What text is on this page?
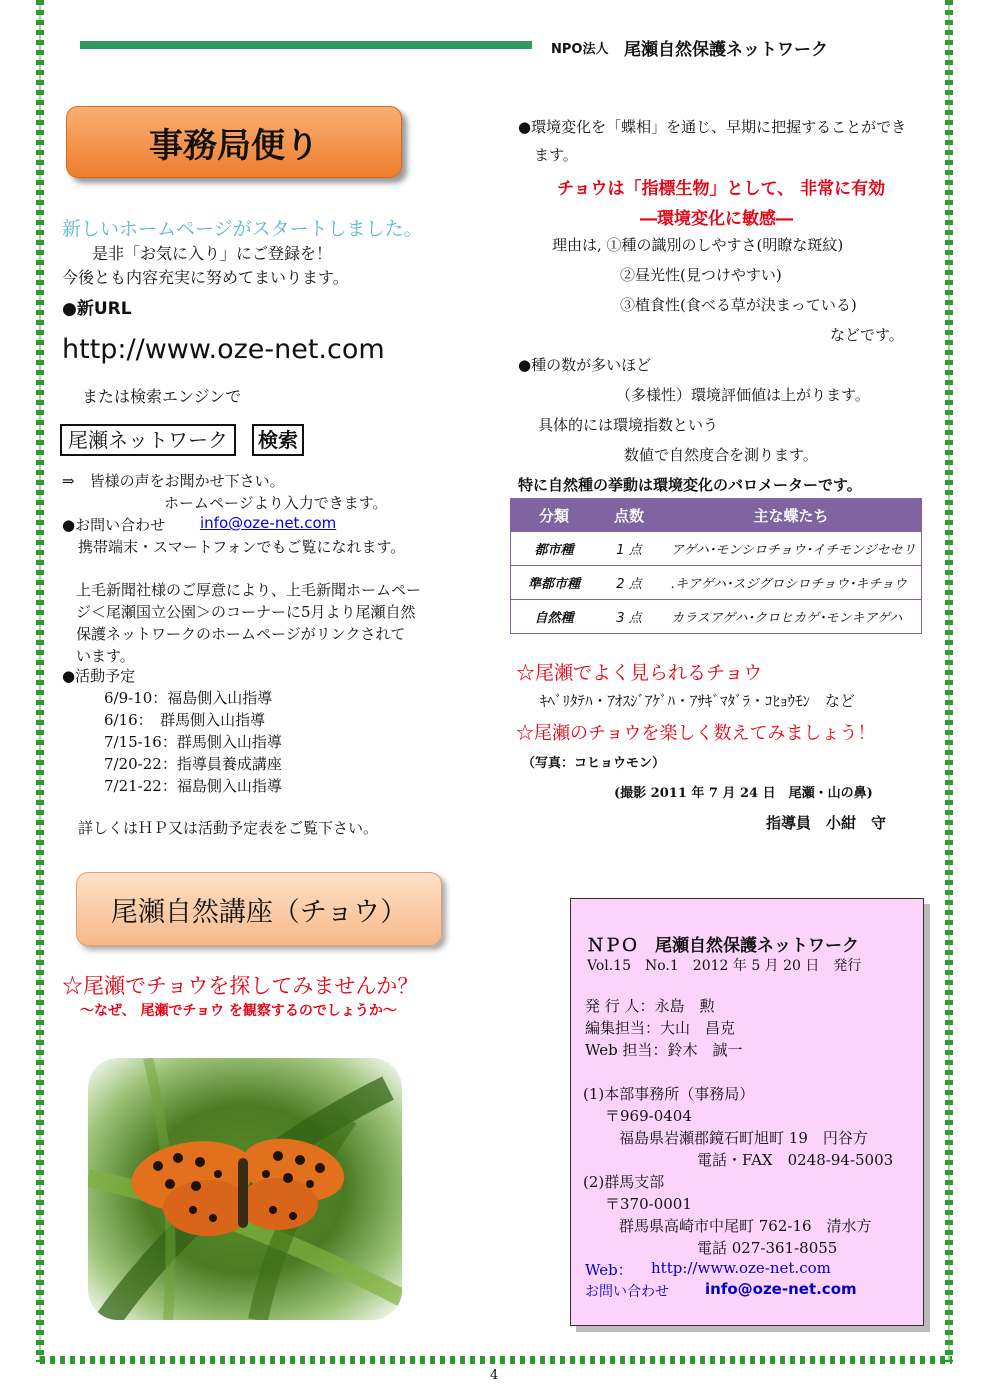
NPO法人 尾瀬自然保護ネットワーク
事務局便り
新しいホームページがスタートしました。
是非「お気に入り」にご登録を！
今後とも内容充実に努めてまいります。
●新URL
http://www.oze-net.com
または検索エンジンで
尾瀬ネットワーク	検索
⇒　皆様の声をお聞かせ下さい。
ホームページより入力できます。
●お問い合わせ info@oze-net.com
携帯端末・スマートフォンでもご覧になれます。
上毛新聞社様のご厚意により、上毛新聞ホームペー
ジ＜尾瀬国立公園＞のコーナーに5月より尾瀬自然
保護ネットワークのホームページがリンクされて
います。
●活動予定
6/9-10：福島側入山指導
6/16：　群馬側入山指導
7/15-16：群馬側入山指導
7/20-22：指導員養成講座
7/21-22：福島側入山指導
詳しくはＨＰ又は活動予定表をご覧下さい。
尾瀬自然講座（チョウ）
☆尾瀬でチョウを探してみませんか？
～なぜ、 尾瀬でチョウ を観察するのでしょうか～
●環境変化を「蝶相」を通じ、早期に把握することができ
ます。
チョウは「指標生物」として、 非常に有効
―環境変化に敏感―
理由は, ①種の識別のしやすさ(明瞭な斑紋)
②昼光性(見つけやすい)
③植食性(食べる草が決まっている)
などです。
●種の数が多いほど
（多様性）環境評価値は上がります。
具体的には環境指数という
数値で自然度合を測ります。
特に自然種の挙動は環境変化のバロメーターです。
分類	点数	主な蝶たち
都市種	1 点	アゲハ･モンシロチョウ･イチモンジセセリ
準都市種	2 点	.キアゲハ･スジグロシロチョウ･キチョウ
自然種	3 点	カラスアゲハ･クロヒカゲ･モンキアゲハ
☆尾瀬でよく見られるチョウ
ｷﾍﾞﾘﾀﾃﾊ・ｱｵｽｼﾞｱｹﾞﾊ・ｱｻｷﾞﾏﾀﾞﾗ・ｺﾋｮｳﾓﾝ　など
☆尾瀬のチョウを楽しく数えてみましょう！
（写真：コヒョウモン）
(撮影 2011 年 7 月 24 日　尾瀬・山の鼻)
指導員　小紺　守
ＮＰＯ　尾瀬自然保護ネットワーク
Vol.15　No.1　2012 年 5 月 20 日　発行
発 行 人：永島　勲
編集担当：大山　昌克
Web 担当：鈴木　誠一
(1)本部事務所（事務局）
〒969-0404
福島県岩瀬郡鏡石町旭町 19　円谷方
電話・FAX　0248-94-5003
(2)群馬支部
〒370-0001
群馬県高崎市中尾町 762-16　清水方
電話 027-361-8055
Web： http://www.oze-net.com
お問い合わせ info@oze-net.com
4
